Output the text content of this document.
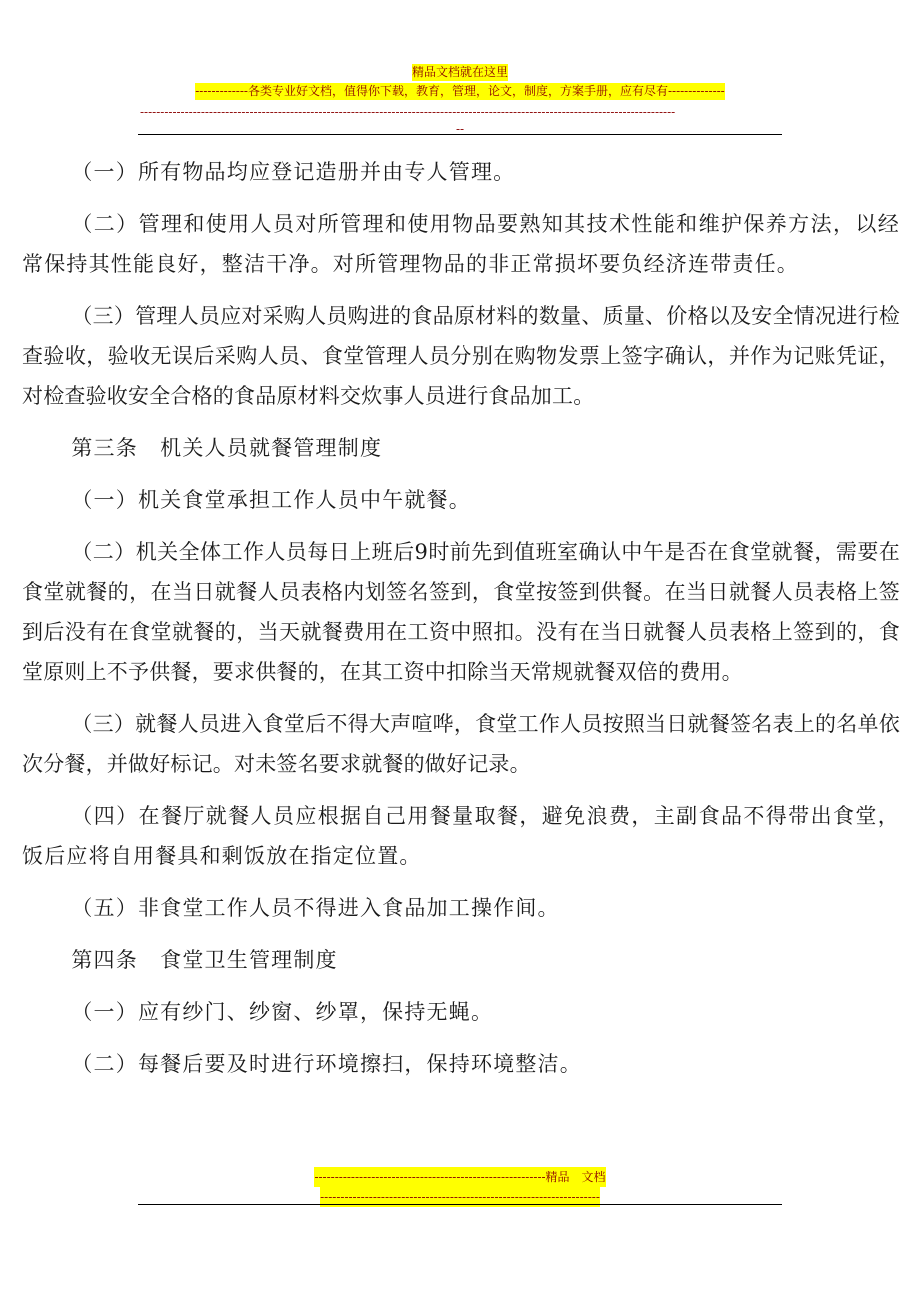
精品文档就在这里
-------------各类专业好文档，值得你下载，教育，管理，论文，制度，方案手册，应有尽有--------------
------------------------------------------------------------------------------------------------------------------------------------
--

（一）所有物品均应登记造册并由专人管理。

（二）管理和使用人员对所管理和使用物品要熟知其技术性能和维护保养方法，以经常保持其性能良好，整洁干净。对所管理物品的非正常损坏要负经济连带责任。

（三）管理人员应对采购人员购进的食品原材料的数量、质量、价格以及安全情况进行检查验收，验收无误后采购人员、食堂管理人员分别在购物发票上签字确认，并作为记账凭证，对检查验收安全合格的食品原材料交炊事人员进行食品加工。

第三条　机关人员就餐管理制度

（一）机关食堂承担工作人员中午就餐。

（二）机关全体工作人员每日上班后9时前先到值班室确认中午是否在食堂就餐，需要在食堂就餐的，在当日就餐人员表格内划签名签到，食堂按签到供餐。在当日就餐人员表格上签到后没有在食堂就餐的，当天就餐费用在工资中照扣。没有在当日就餐人员表格上签到的，食堂原则上不予供餐，要求供餐的，在其工资中扣除当天常规就餐双倍的费用。

（三）就餐人员进入食堂后不得大声喧哗，食堂工作人员按照当日就餐签名表上的名单依次分餐，并做好标记。对未签名要求就餐的做好记录。

（四）在餐厅就餐人员应根据自己用餐量取餐，避免浪费，主副食品不得带出食堂，饭后应将自用餐具和剩饭放在指定位置。

（五）非食堂工作人员不得进入食品加工操作间。

第四条　食堂卫生管理制度

（一）应有纱门、纱窗、纱罩，保持无蝇。

（二）每餐后要及时进行环境擦扫，保持环境整洁。

---------------------------------------------------------精品　文档
---------------------------------------------------------------------
